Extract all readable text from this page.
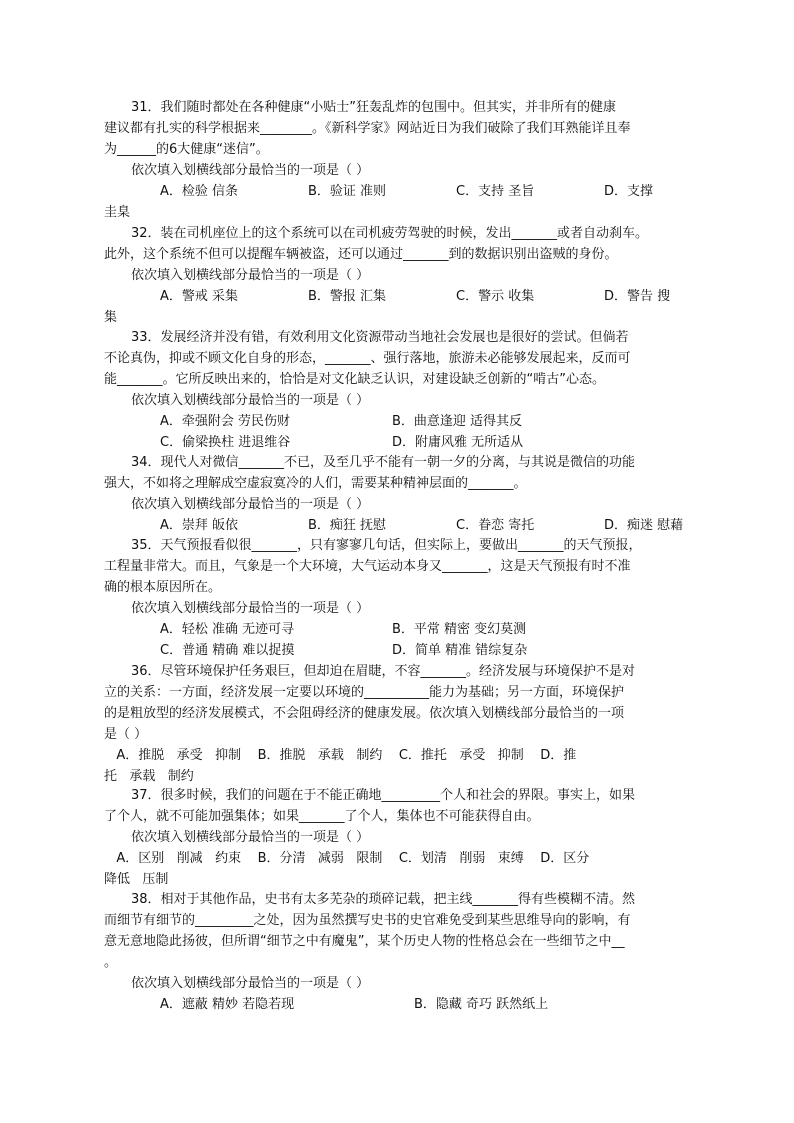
31．我们随时都处在各种健康“小贴士”狂轰乱炸的包围中。但其实，并非所有的健康
建议都有扎实的科学根据来________。《新科学家》网站近日为我们破除了我们耳熟能详且奉
为______的6大健康“迷信”。
依次填入划横线部分最恰当的一项是（ ）
A．检验 信条	B．验证 准则	C．支持 圣旨	D．支撑
圭臬
32．装在司机座位上的这个系统可以在司机疲劳驾驶的时候，发出_______或者自动刹车。
此外，这个系统不但可以提醒车辆被盗，还可以通过_______到的数据识别出盗贼的身份。
依次填入划横线部分最恰当的一项是（ ）
A．警戒 采集	B．警报 汇集	C．警示 收集	D．警告 搜
集
33．发展经济并没有错，有效利用文化资源带动当地社会发展也是很好的尝试。但倘若
不论真伪，抑或不顾文化自身的形态，_______、强行落地，旅游未必能够发展起来，反而可
能_______。它所反映出来的，恰恰是对文化缺乏认识，对建设缺乏创新的“啃古”心态。
依次填入划横线部分最恰当的一项是（ ）
A．牵强附会 劳民伤财	B．曲意逢迎 适得其反
C．偷梁换柱 进退维谷	D．附庸风雅 无所适从
34．现代人对微信_______不已，及至几乎不能有一朝一夕的分离，与其说是微信的功能
强大，不如将之理解成空虚寂寞冷的人们，需要某种精神层面的_______。
依次填入划横线部分最恰当的一项是（ ）
A．崇拜 皈依	B．痴狂 抚慰	C．眷恋 寄托	D．痴迷 慰藉
35．天气预报看似很_______，只有寥寥几句话，但实际上，要做出_______的天气预报，
工程量非常大。而且，气象是一个大环境，大气运动本身又_______，这是天气预报有时不准
确的根本原因所在。
依次填入划横线部分最恰当的一项是（ ）
A．轻松 准确 无迹可寻	B．平常 精密 变幻莫测
C．普通 精确 难以捉摸	D．简单 精准 错综复杂
36．尽管环境保护任务艰巨，但却迫在眉睫，不容_______。经济发展与环境保护不是对
立的关系：一方面，经济发展一定要以环境的__________能力为基础；另一方面，环境保护
的是粗放型的经济发展模式，不会阻碍经济的健康发展。依次填入划横线部分最恰当的一项
是（ ）
A．推脱   承受   抑制    B．推脱   承载   制约    C．推托   承受   抑制    D．推
托   承载   制约
37．很多时候，我们的问题在于不能正确地_________个人和社会的界限。事实上，如果
了个人，就不可能加强集体；如果_______了个人，集体也不可能获得自由。
依次填入划横线部分最恰当的一项是（ ）
A．区别   削减   约束    B．分清   减弱   限制    C．划清   削弱   束缚    D．区分
降低   压制
38．相对于其他作品，史书有太多芜杂的琐碎记载，把主线_______得有些模糊不清。然
而细节有细节的_________之处，因为虽然撰写史书的史官难免受到某些思维导向的影响，有
意无意地隐此扬彼，但所谓“细节之中有魔鬼”，某个历史人物的性格总会在一些细节之中__
。
依次填入划横线部分最恰当的一项是（ ）
A．遮蔽 精妙 若隐若现	B．隐藏 奇巧 跃然纸上
